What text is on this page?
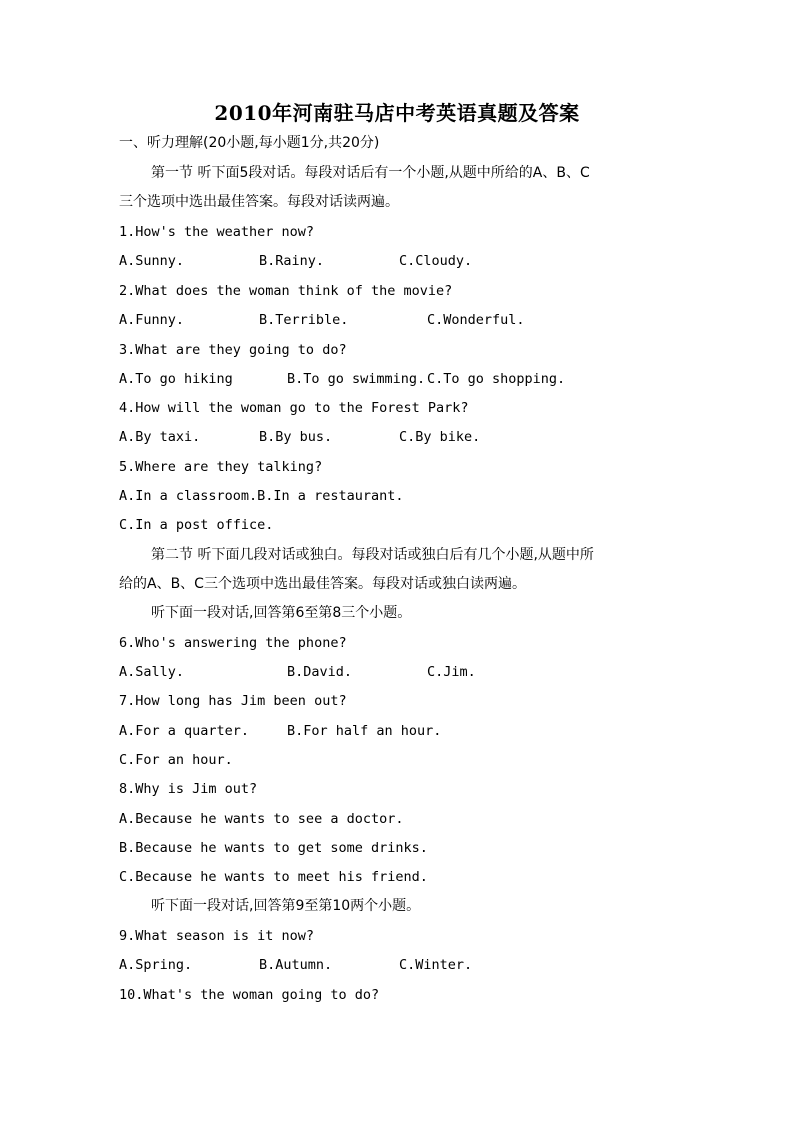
2010年河南驻马店中考英语真题及答案
一、听力理解(20小题,每小题1分,共20分)
第一节 听下面5段对话。每段对话后有一个小题,从题中所给的A、B、C
三个选项中选出最佳答案。每段对话读两遍。
1.How's the weather now?
A.Sunny.	B.Rainy.	C.Cloudy.
2.What does the woman think of the movie?
A.Funny.	B.Terrible.	C.Wonderful.
3.What are they going to do?
A.To go hiking	B.To go swimming. C.To go shopping.
4.How will the woman go to the Forest Park?
A.By taxi.	B.By bus.	C.By bike.
5.Where are they talking?
A.In a classroom.B.In a restaurant.
C.In a post office.
第二节 听下面几段对话或独白。每段对话或独白后有几个小题,从题中所
给的A、B、C三个选项中选出最佳答案。每段对话或独白读两遍。
听下面一段对话,回答第6至第8三个小题。
6.Who's answering the phone?
A.Sally.	B.David.	C.Jim.
7.How long has Jim been out?
A.For a quarter.	B.For half an hour.
C.For an hour.
8.Why is Jim out?
A.Because he wants to see a doctor.
B.Because he wants to get some drinks.
C.Because he wants to meet his friend.
听下面一段对话,回答第9至第10两个小题。
9.What season is it now?
A.Spring.	B.Autumn.	C.Winter.
10.What's the woman going to do?
